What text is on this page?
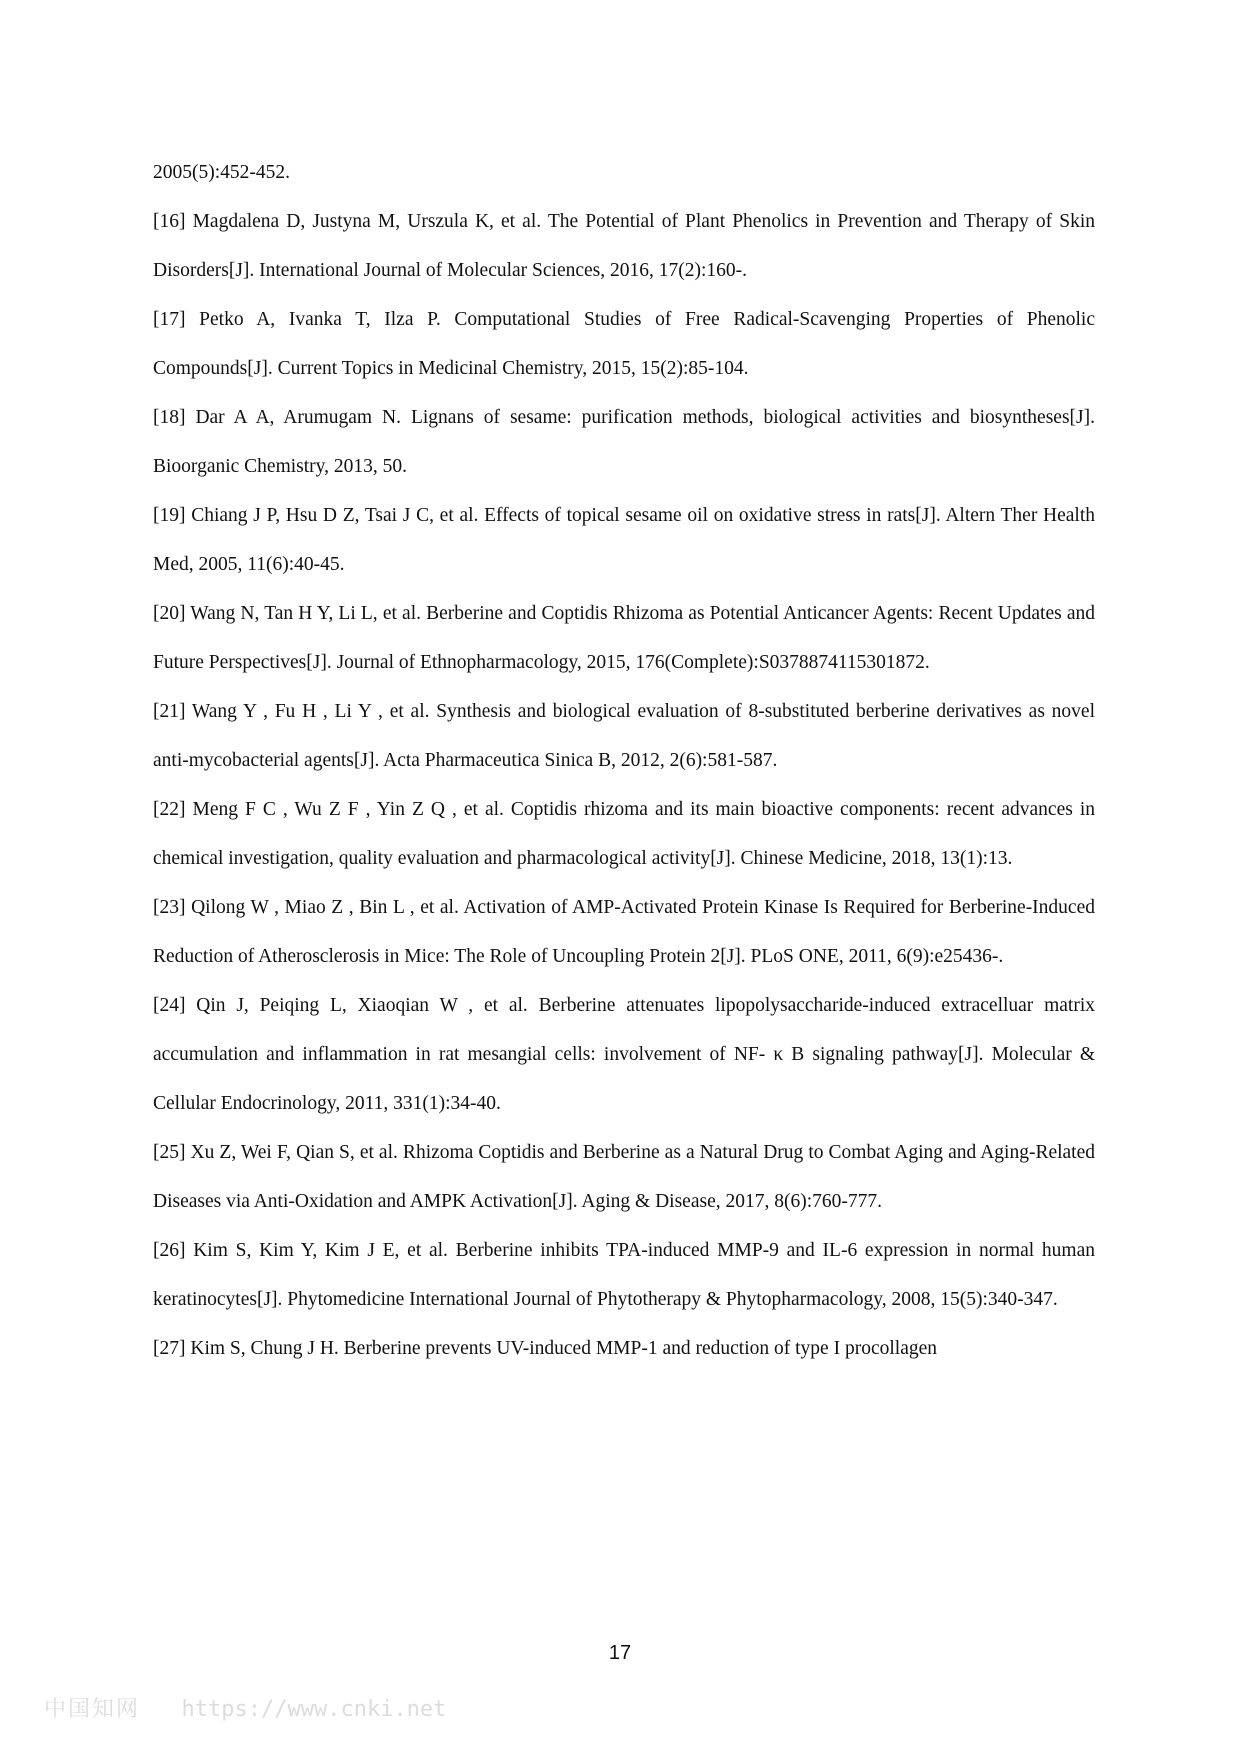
2005(5):452-452.

[16] Magdalena D, Justyna M, Urszula K, et al. The Potential of Plant Phenolics in Prevention and Therapy of Skin Disorders[J]. International Journal of Molecular Sciences, 2016, 17(2):160-.

[17] Petko A, Ivanka T, Ilza P. Computational Studies of Free Radical-Scavenging Properties of Phenolic Compounds[J]. Current Topics in Medicinal Chemistry, 2015, 15(2):85-104.

[18] Dar A A, Arumugam N. Lignans of sesame: purification methods, biological activities and biosyntheses[J]. Bioorganic Chemistry, 2013, 50.

[19] Chiang J P, Hsu D Z, Tsai J C, et al. Effects of topical sesame oil on oxidative stress in rats[J]. Altern Ther Health Med, 2005, 11(6):40-45.

[20] Wang N, Tan H Y, Li L, et al. Berberine and Coptidis Rhizoma as Potential Anticancer Agents: Recent Updates and Future Perspectives[J]. Journal of Ethnopharmacology, 2015, 176(Complete):S0378874115301872.

[21] Wang Y , Fu H , Li Y , et al. Synthesis and biological evaluation of 8-substituted berberine derivatives as novel anti-mycobacterial agents[J]. Acta Pharmaceutica Sinica B, 2012, 2(6):581-587.

[22] Meng F C , Wu Z F , Yin Z Q , et al. Coptidis rhizoma and its main bioactive components: recent advances in chemical investigation, quality evaluation and pharmacological activity[J]. Chinese Medicine, 2018, 13(1):13.

[23] Qilong W , Miao Z , Bin L , et al. Activation of AMP-Activated Protein Kinase Is Required for Berberine-Induced Reduction of Atherosclerosis in Mice: The Role of Uncoupling Protein 2[J]. PLoS ONE, 2011, 6(9):e25436-.

[24] Qin J, Peiqing L, Xiaoqian W , et al. Berberine attenuates lipopolysaccharide-induced extracelluar matrix accumulation and inflammation in rat mesangial cells: involvement of NF- κ B signaling pathway[J]. Molecular & Cellular Endocrinology, 2011, 331(1):34-40.

[25] Xu Z, Wei F, Qian S, et al. Rhizoma Coptidis and Berberine as a Natural Drug to Combat Aging and Aging-Related Diseases via Anti-Oxidation and AMPK Activation[J]. Aging & Disease, 2017, 8(6):760-777.

[26] Kim S, Kim Y, Kim J E, et al. Berberine inhibits TPA-induced MMP-9 and IL-6 expression in normal human keratinocytes[J]. Phytomedicine International Journal of Phytotherapy & Phytopharmacology, 2008, 15(5):340-347.

[27] Kim S, Chung J H. Berberine prevents UV-induced MMP-1 and reduction of type I procollagen

17
中国知网 https://www.cnki.net
